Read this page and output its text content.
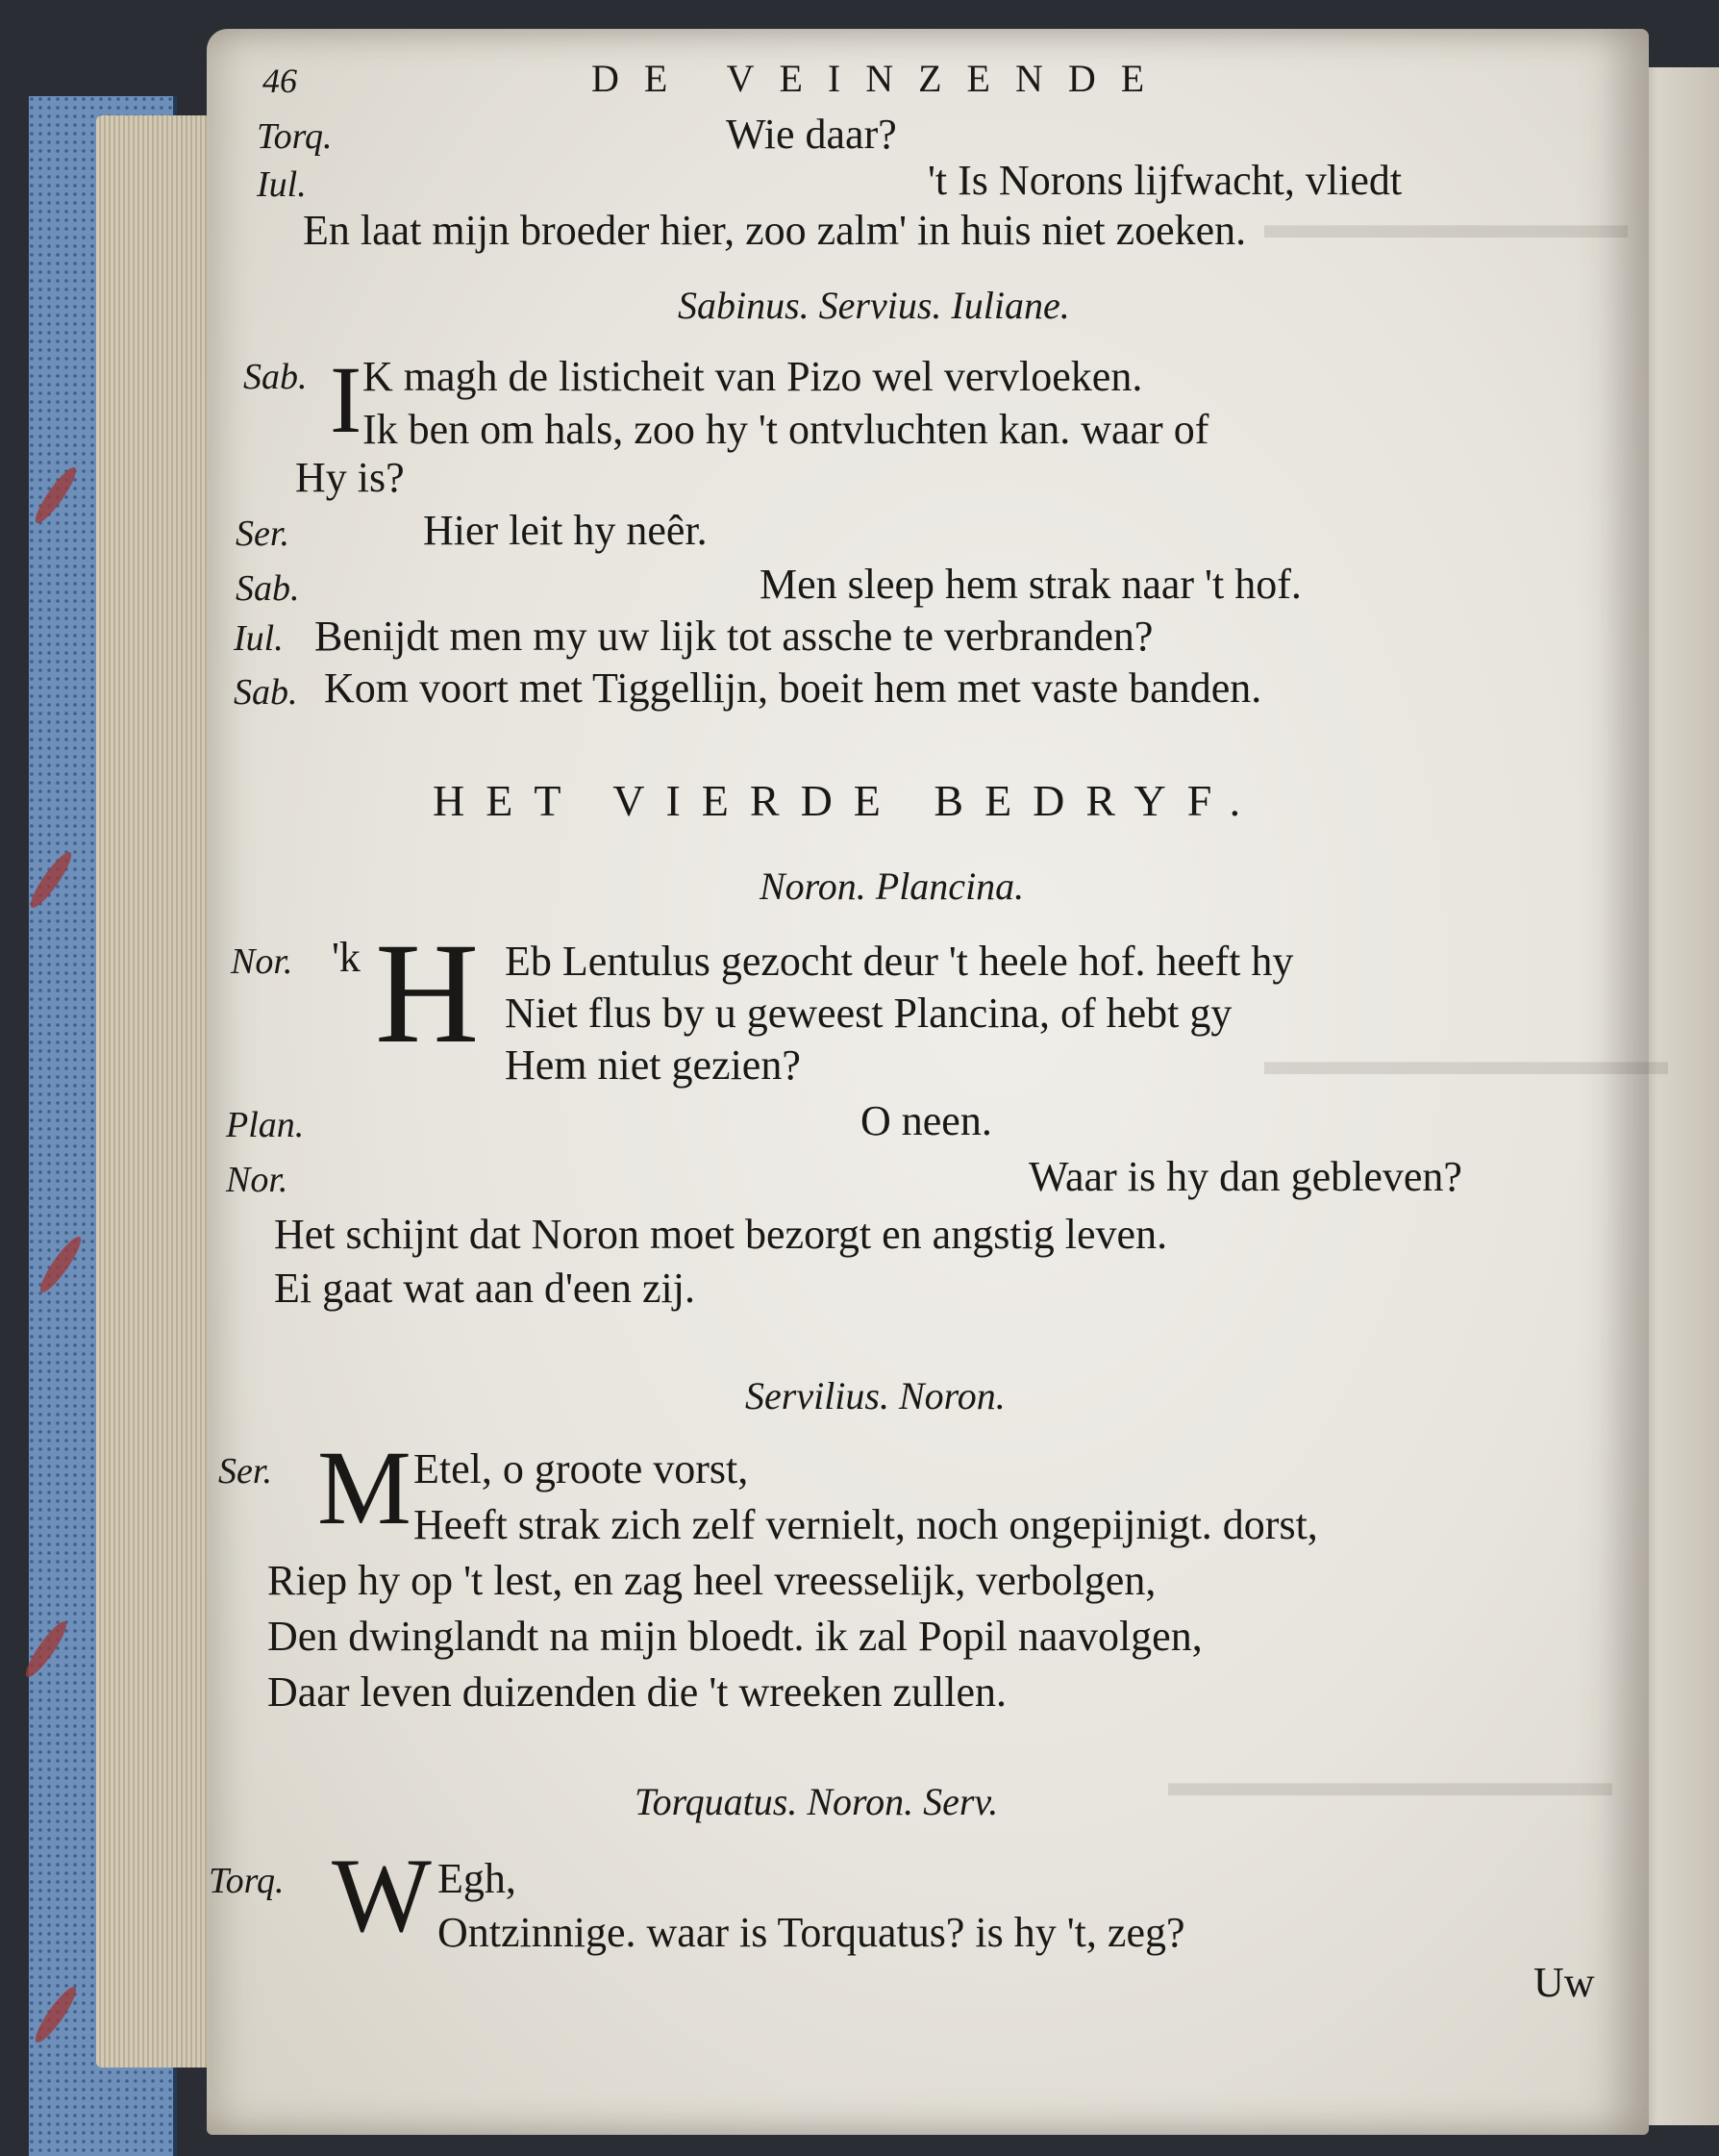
▬▬▬▬▬▬▬▬▬
▬▬▬▬▬▬▬▬▬▬
▬▬▬▬▬▬▬▬▬▬▬
46	DE VEINZENDE
Torq.	Wie daar?
Iul.	't Is Norons lijfwacht, vliedt
En laat mijn broeder hier, zoo zalm' in huis niet zoeken.
Sabinus. Servius. Iuliane.
Sab. I K magh de listicheit van Pizo wel vervloeken.
Ik ben om hals, zoo hy 't ontvluchten kan. waar of
Hy is?
Ser.	Hier leit hy neêr.
Sab.	Men sleep hem strak naar 't hof.
Iul. Benijdt men my uw lijk tot assche te verbranden?
Sab. Kom voort met Tiggellijn, boeit hem met vaste banden.
HET VIERDE BEDRYF.
Noron. Plancina.
Nor. 'k H Eb Lentulus gezocht deur 't heele hof. heeft hy
Niet flus by u geweest Plancina, of hebt gy
Hem niet gezien?
Plan.	O neen.
Nor.	Waar is hy dan gebleven?
Het schijnt dat Noron moet bezorgt en angstig leven.
Ei gaat wat aan d'een zij.
Servilius. Noron.
Ser. M Etel, o groote vorst,
Heeft strak zich zelf vernielt, noch ongepijnigt. dorst,
Riep hy op 't lest, en zag heel vreesselijk, verbolgen,
Den dwinglandt na mijn bloedt. ik zal Popil naavolgen,
Daar leven duizenden die 't wreeken zullen.
Torquatus. Noron. Serv.
Torq. W Egh,
Ontzinnige. waar is Torquatus? is hy 't, zeg?
Uw
